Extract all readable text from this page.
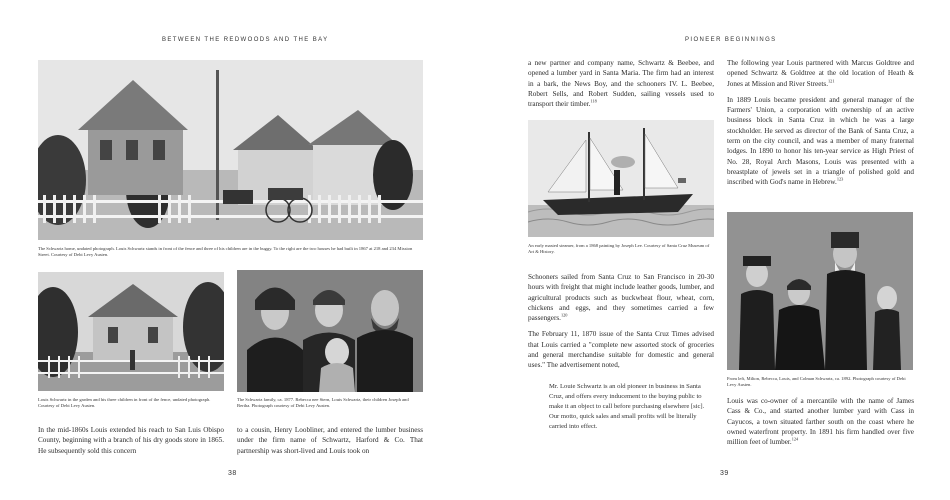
BETWEEN THE REDWOODS AND THE BAY
The Schwartz home, undated photograph. Louis Schwartz stands in front of the fence and three of his children are in the buggy. To the right are the two houses he had built in 1867 at 218 and 234 Mission Street. Courtesy of Debi Levy Austen.
Louis Schwartz in the garden and his three children in front of the fence, undated photograph. Courtesy of Debi Levy Austen.
The Schwartz family, ca. 1877. Rebecca nee Stern, Louis Schwartz, their children Joseph and Bertha. Photograph courtesy of Debi Levy Austen.
In the mid-1860s Louis extended his reach to San Luis Obispo County, beginning with a branch of his dry goods store in 1865. He subsequently sold this concern
to a cousin, Henry Loobliner, and entered the lumber business under the firm name of Schwartz, Harford & Co. That partnership was short-lived and Louis took on
38
PIONEER BEGINNINGS
a new partner and company name, Schwartz & Beebee, and opened a lumber yard in Santa Maria. The firm had an interest in a bark, the News Boy, and the schooners IV. L. Beebee, Robert Sells, and Robert Sudden, sailing vessels used to transport their timber.$^{118}$
An early masted steamer, from a 1868 painting by Joseph Lee. Courtesy of Santa Cruz Museum of Art & History.

Schooners sailed from Santa Cruz to San Francisco in 20-30 hours with freight that might include leather goods, lumber, and agricultural products such as buckwheat flour, wheat, corn, chickens and eggs, and they sometimes carried a few passengers.$^{120}$

The February 11, 1870 issue of the Santa Cruz Times advised that Louis carried a "complete new assorted stock of groceries and general merchandise suitable for domestic and general uses." The advertisement noted,

Mr. Louie Schwartz is an old pioneer in business in Santa Cruz, and offers every inducement to the buying public to make it an object to call before purchasing elsewhere [sic]. Our motto, quick sales and small profits will be literally carried into effect.

The following year Louis partnered with Marcus Goldtree and opened Schwartz & Goldtree at the old location of Heath & Jones at Mission and River Streets.$^{121}$

In 1889 Louis became president and general manager of the Farmers' Union, a corporation with ownership of an active business block in Santa Cruz in which he was a large stockholder. He served as director of the Bank of Santa Cruz, a term on the city council, and was a member of many fraternal lodges. In 1890 to honor his ten-year service as High Priest of No. 28, Royal Arch Masons, Louis was presented with a breastplate of jewels set in a triangle of polished gold and inscribed with God's name in Hebrew.$^{123}$

From left, Milton, Rebecca, Louis, and Colman Schwartz, ca. 1892. Photograph courtesy of Debi Levy Austen.
Louis was co-owner of a mercantile with the name of James Cass & Co., and started another lumber yard with Cass in Cayucos, a town situated farther south on the coast where he owned waterfront property. In 1891 his firm handled over five million feet of lumber.$^{124}$
39
